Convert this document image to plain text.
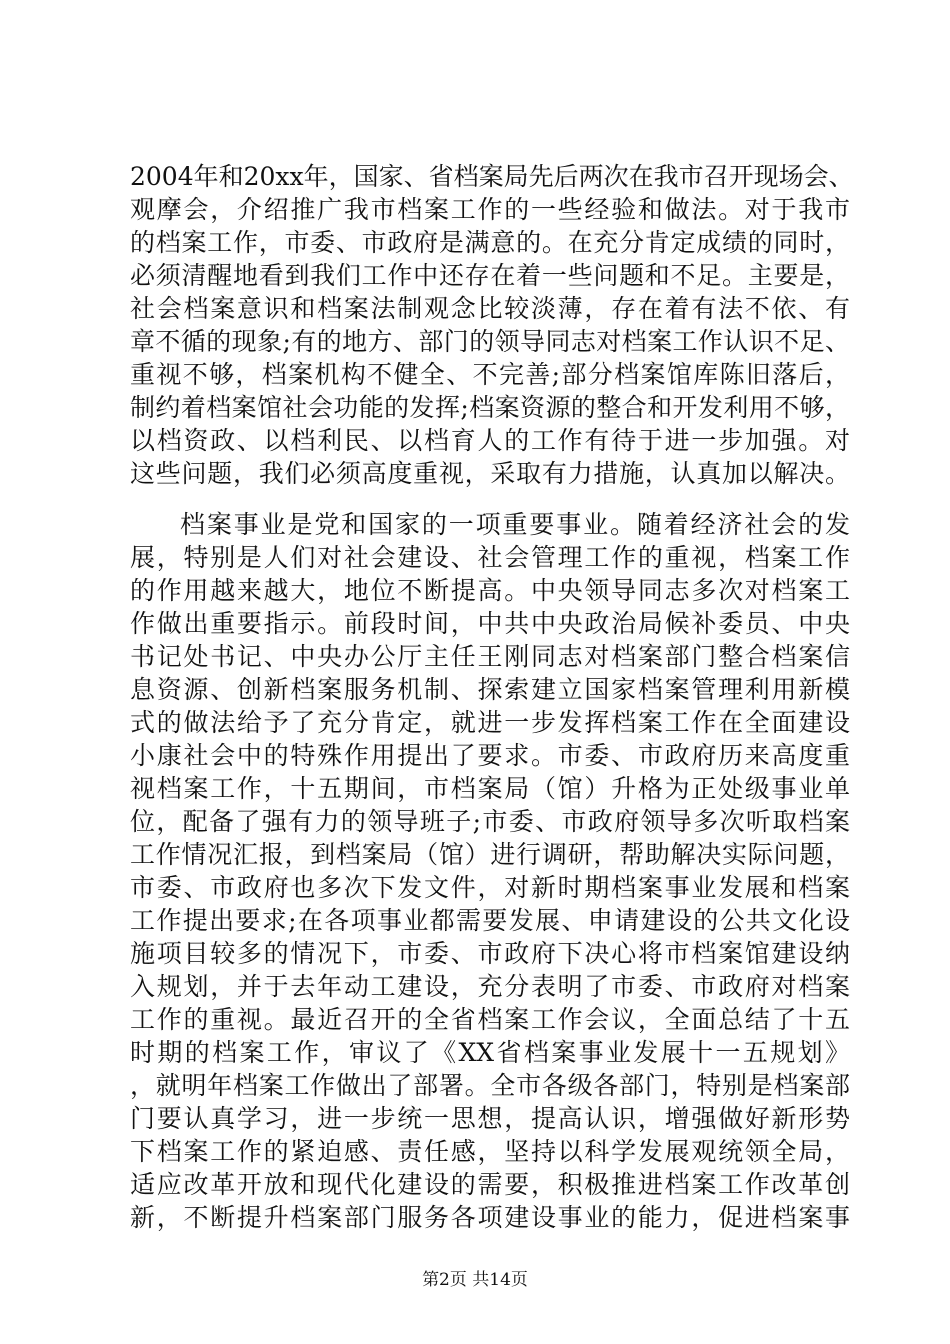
2004年和20xx年，国家、省档案局先后两次在我市召开现场会、
观摩会，介绍推广我市档案工作的一些经验和做法。对于我市
的档案工作，市委、市政府是满意的。在充分肯定成绩的同时，
必须清醒地看到我们工作中还存在着一些问题和不足。主要是，
社会档案意识和档案法制观念比较淡薄，存在着有法不依、有
章不循的现象;有的地方、部门的领导同志对档案工作认识不足、
重视不够，档案机构不健全、不完善;部分档案馆库陈旧落后，
制约着档案馆社会功能的发挥;档案资源的整合和开发利用不够，
以档资政、以档利民、以档育人的工作有待于进一步加强。对
这些问题，我们必须高度重视，采取有力措施，认真加以解决。
档案事业是党和国家的一项重要事业。随着经济社会的发
展，特别是人们对社会建设、社会管理工作的重视，档案工作
的作用越来越大，地位不断提高。中央领导同志多次对档案工
作做出重要指示。前段时间，中共中央政治局候补委员、中央
书记处书记、中央办公厅主任王刚同志对档案部门整合档案信
息资源、创新档案服务机制、探索建立国家档案管理利用新模
式的做法给予了充分肯定，就进一步发挥档案工作在全面建设
小康社会中的特殊作用提出了要求。市委、市政府历来高度重
视档案工作，十五期间，市档案局（馆）升格为正处级事业单
位，配备了强有力的领导班子;市委、市政府领导多次听取档案
工作情况汇报，到档案局（馆）进行调研，帮助解决实际问题，
市委、市政府也多次下发文件，对新时期档案事业发展和档案
工作提出要求;在各项事业都需要发展、申请建设的公共文化设
施项目较多的情况下，市委、市政府下决心将市档案馆建设纳
入规划，并于去年动工建设，充分表明了市委、市政府对档案
工作的重视。最近召开的全省档案工作会议，全面总结了十五
时期的档案工作，审议了《XX省档案事业发展十一五规划》
，就明年档案工作做出了部署。全市各级各部门，特别是档案部
门要认真学习，进一步统一思想，提高认识，增强做好新形势
下档案工作的紧迫感、责任感，坚持以科学发展观统领全局，
适应改革开放和现代化建设的需要，积极推进档案工作改革创
新，不断提升档案部门服务各项建设事业的能力，促进档案事
第2页 共14页
